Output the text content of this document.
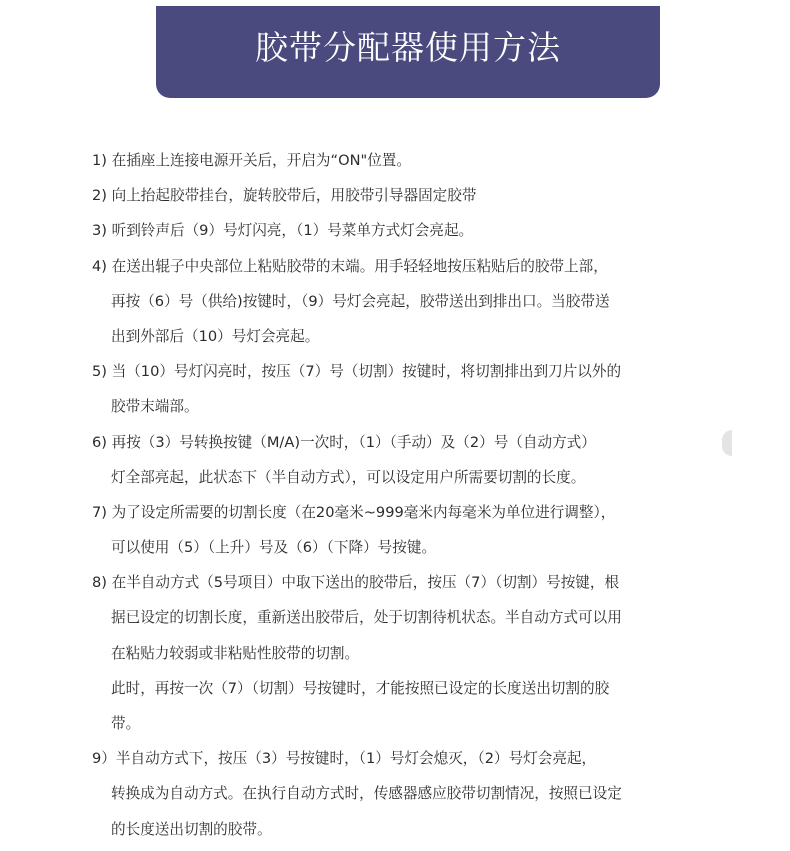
胶带分配器使用方法
1) 在插座上连接电源开关后，开启为“ON"位置。
2) 向上抬起胶带挂台，旋转胶带后，用胶带引导器固定胶带
3) 听到铃声后（9）号灯闪亮，（1）号菜单方式灯会亮起。
4) 在送出辊子中央部位上粘贴胶带的末端。用手轻轻地按压粘贴后的胶带上部，
再按（6）号（供给)按键时，（9）号灯会亮起，胶带送出到排出口。当胶带送
出到外部后（10）号灯会亮起。
5) 当（10）号灯闪亮时，按压（7）号（切割）按键时，将切割排出到刀片以外的
胶带末端部。
6) 再按（3）号转换按键（M/A)一次时，（1）（手动）及（2）号（自动方式）
灯全部亮起，此状态下（半自动方式），可以设定用户所需要切割的长度。
7) 为了设定所需要的切割长度（在20毫米~999毫米内每毫米为单位进行调整），
可以使用（5）（上升）号及（6）（下降）号按键。
8) 在半自动方式（5号项目）中取下送出的胶带后，按压（7）（切割）号按键，根
据已设定的切割长度，重新送出胶带后，处于切割待机状态。半自动方式可以用
在粘贴力较弱或非粘贴性胶带的切割。
此时，再按一次（7）（切割）号按键时，才能按照已设定的长度送出切割的胶
带。
9）半自动方式下，按压（3）号按键时，（1）号灯会熄灭，（2）号灯会亮起，
转换成为自动方式。在执行自动方式时，传感器感应胶带切割情况，按照已设定
的长度送出切割的胶带。
